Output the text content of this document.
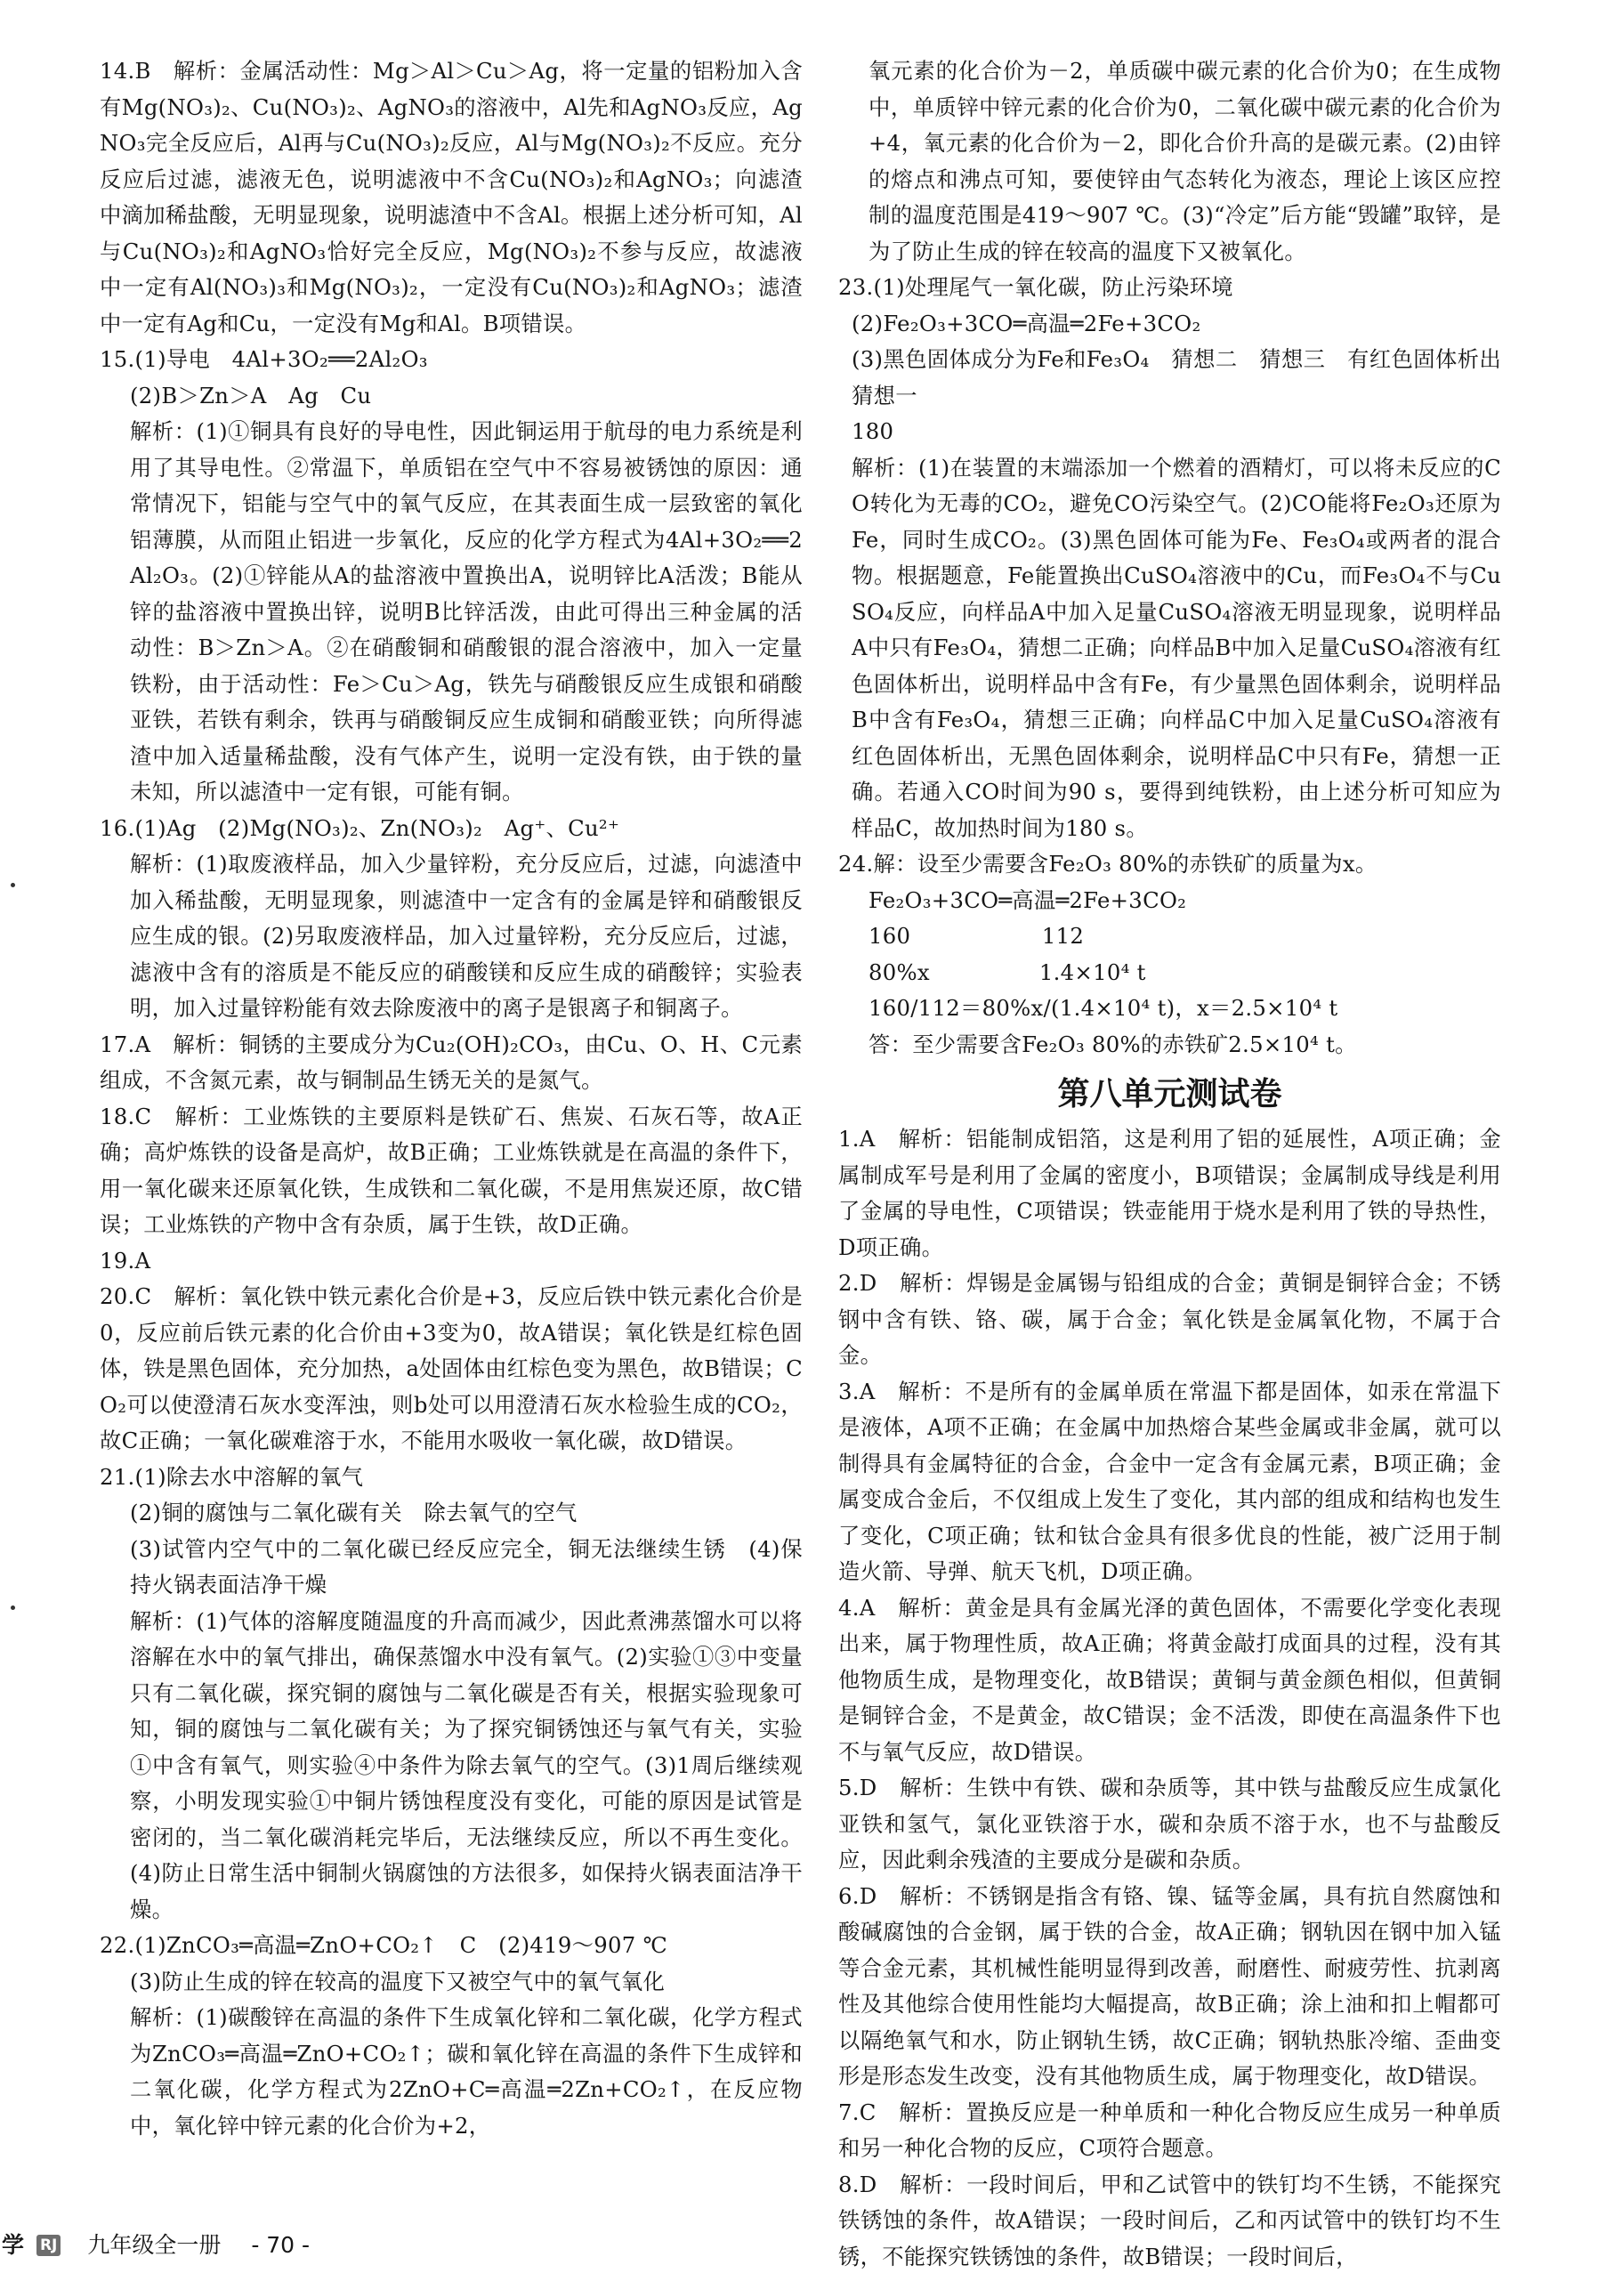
14.B　解析：金属活动性：Mg＞Al＞Cu＞Ag，将一定量的铝粉加入含有Mg(NO₃)₂、Cu(NO₃)₂、AgNO₃的溶液中，Al先和AgNO₃反应，AgNO₃完全反应后，Al再与Cu(NO₃)₂反应，Al与Mg(NO₃)₂不反应。充分反应后过滤，滤液无色，说明滤液中不含Cu(NO₃)₂和AgNO₃；向滤渣中滴加稀盐酸，无明显现象，说明滤渣中不含Al。根据上述分析可知，Al与Cu(NO₃)₂和AgNO₃恰好完全反应，Mg(NO₃)₂不参与反应，故滤液中一定有Al(NO₃)₃和Mg(NO₃)₂，一定没有Cu(NO₃)₂和AgNO₃；滤渣中一定有Ag和Cu，一定没有Mg和Al。B项错误。

15.(1)导电　4Al+3O₂══2Al₂O₃

(2)B＞Zn＞A　Ag　Cu

解析：(1)①铜具有良好的导电性，因此铜运用于航母的电力系统是利用了其导电性。②常温下，单质铝在空气中不容易被锈蚀的原因：通常情况下，铝能与空气中的氧气反应，在其表面生成一层致密的氧化铝薄膜，从而阻止铝进一步氧化，反应的化学方程式为4Al+3O₂══2Al₂O₃。(2)①锌能从A的盐溶液中置换出A，说明锌比A活泼；B能从锌的盐溶液中置换出锌，说明B比锌活泼，由此可得出三种金属的活动性：B＞Zn＞A。②在硝酸铜和硝酸银的混合溶液中，加入一定量铁粉，由于活动性：Fe＞Cu＞Ag，铁先与硝酸银反应生成银和硝酸亚铁，若铁有剩余，铁再与硝酸铜反应生成铜和硝酸亚铁；向所得滤渣中加入适量稀盐酸，没有气体产生，说明一定没有铁，由于铁的量未知，所以滤渣中一定有银，可能有铜。

16.(1)Ag　(2)Mg(NO₃)₂、Zn(NO₃)₂　Ag⁺、Cu²⁺

解析：(1)取废液样品，加入少量锌粉，充分反应后，过滤，向滤渣中加入稀盐酸，无明显现象，则滤渣中一定含有的金属是锌和硝酸银反应生成的银。(2)另取废液样品，加入过量锌粉，充分反应后，过滤，滤液中含有的溶质是不能反应的硝酸镁和反应生成的硝酸锌；实验表明，加入过量锌粉能有效去除废液中的离子是银离子和铜离子。

17.A　解析：铜锈的主要成分为Cu₂(OH)₂CO₃，由Cu、O、H、C元素组成，不含氮元素，故与铜制品生锈无关的是氮气。

18.C　解析：工业炼铁的主要原料是铁矿石、焦炭、石灰石等，故A正确；高炉炼铁的设备是高炉，故B正确；工业炼铁就是在高温的条件下，用一氧化碳来还原氧化铁，生成铁和二氧化碳，不是用焦炭还原，故C错误；工业炼铁的产物中含有杂质，属于生铁，故D正确。

19.A

20.C　解析：氧化铁中铁元素化合价是+3，反应后铁中铁元素化合价是0，反应前后铁元素的化合价由+3变为0，故A错误；氧化铁是红棕色固体，铁是黑色固体，充分加热，a处固体由红棕色变为黑色，故B错误；CO₂可以使澄清石灰水变浑浊，则b处可以用澄清石灰水检验生成的CO₂，故C正确；一氧化碳难溶于水，不能用水吸收一氧化碳，故D错误。

21.(1)除去水中溶解的氧气

(2)铜的腐蚀与二氧化碳有关　除去氧气的空气

(3)试管内空气中的二氧化碳已经反应完全，铜无法继续生锈　(4)保持火锅表面洁净干燥

解析：(1)气体的溶解度随温度的升高而减少，因此煮沸蒸馏水可以将溶解在水中的氧气排出，确保蒸馏水中没有氧气。(2)实验①③中变量只有二氧化碳，探究铜的腐蚀与二氧化碳是否有关，根据实验现象可知，铜的腐蚀与二氧化碳有关；为了探究铜锈蚀还与氧气有关，实验①中含有氧气，则实验④中条件为除去氧气的空气。(3)1周后继续观察，小明发现实验①中铜片锈蚀程度没有变化，可能的原因是试管是密闭的，当二氧化碳消耗完毕后，无法继续反应，所以不再生变化。(4)防止日常生活中铜制火锅腐蚀的方法很多，如保持火锅表面洁净干燥。

22.(1)ZnCO₃═高温═ZnO+CO₂↑　C　(2)419～907 ℃

(3)防止生成的锌在较高的温度下又被空气中的氧气氧化

解析：(1)碳酸锌在高温的条件下生成氧化锌和二氧化碳，化学方程式为ZnCO₃═高温═ZnO+CO₂↑；碳和氧化锌在高温的条件下生成锌和二氧化碳，化学方程式为2ZnO+C═高温═2Zn+CO₂↑，在反应物中，氧化锌中锌元素的化合价为+2，

氧元素的化合价为－2，单质碳中碳元素的化合价为0；在生成物中，单质锌中锌元素的化合价为0，二氧化碳中碳元素的化合价为+4，氧元素的化合价为－2，即化合价升高的是碳元素。(2)由锌的熔点和沸点可知，要使锌由气态转化为液态，理论上该区应控制的温度范围是419～907 ℃。(3)“冷定”后方能“毁罐”取锌，是为了防止生成的锌在较高的温度下又被氧化。

23.(1)处理尾气一氧化碳，防止污染环境

(2)Fe₂O₃+3CO═高温═2Fe+3CO₂

(3)黑色固体成分为Fe和Fe₃O₄　猜想二　猜想三　有红色固体析出　猜想一

180

解析：(1)在装置的末端添加一个燃着的酒精灯，可以将未反应的CO转化为无毒的CO₂，避免CO污染空气。(2)CO能将Fe₂O₃还原为Fe，同时生成CO₂。(3)黑色固体可能为Fe、Fe₃O₄或两者的混合物。根据题意，Fe能置换出CuSO₄溶液中的Cu，而Fe₃O₄不与CuSO₄反应，向样品A中加入足量CuSO₄溶液无明显现象，说明样品A中只有Fe₃O₄，猜想二正确；向样品B中加入足量CuSO₄溶液有红色固体析出，说明样品中含有Fe，有少量黑色固体剩余，说明样品B中含有Fe₃O₄，猜想三正确；向样品C中加入足量CuSO₄溶液有红色固体析出，无黑色固体剩余，说明样品C中只有Fe，猜想一正确。若通入CO时间为90 s，要得到纯铁粉，由上述分析可知应为样品C，故加热时间为180 s。

24.解：设至少需要含Fe₂O₃ 80%的赤铁矿的质量为x。

Fe₂O₃+3CO═高温═2Fe+3CO₂

160　　　　　　112

80%x　　　　　1.4×10⁴ t

160/112＝80%x/(1.4×10⁴ t)，x＝2.5×10⁴ t

答：至少需要含Fe₂O₃ 80%的赤铁矿2.5×10⁴ t。

第八单元测试卷

1.A　解析：铝能制成铝箔，这是利用了铝的延展性，A项正确；金属制成军号是利用了金属的密度小，B项错误；金属制成导线是利用了金属的导电性，C项错误；铁壶能用于烧水是利用了铁的导热性，D项正确。

2.D　解析：焊锡是金属锡与铅组成的合金；黄铜是铜锌合金；不锈钢中含有铁、铬、碳，属于合金；氧化铁是金属氧化物，不属于合金。

3.A　解析：不是所有的金属单质在常温下都是固体，如汞在常温下是液体，A项不正确；在金属中加热熔合某些金属或非金属，就可以制得具有金属特征的合金，合金中一定含有金属元素，B项正确；金属变成合金后，不仅组成上发生了变化，其内部的组成和结构也发生了变化，C项正确；钛和钛合金具有很多优良的性能，被广泛用于制造火箭、导弹、航天飞机，D项正确。

4.A　解析：黄金是具有金属光泽的黄色固体，不需要化学变化表现出来，属于物理性质，故A正确；将黄金敲打成面具的过程，没有其他物质生成，是物理变化，故B错误；黄铜与黄金颜色相似，但黄铜是铜锌合金，不是黄金，故C错误；金不活泼，即使在高温条件下也不与氧气反应，故D错误。

5.D　解析：生铁中有铁、碳和杂质等，其中铁与盐酸反应生成氯化亚铁和氢气，氯化亚铁溶于水，碳和杂质不溶于水，也不与盐酸反应，因此剩余残渣的主要成分是碳和杂质。

6.D　解析：不锈钢是指含有铬、镍、锰等金属，具有抗自然腐蚀和酸碱腐蚀的合金钢，属于铁的合金，故A正确；钢轨因在钢中加入锰等合金元素，其机械性能明显得到改善，耐磨性、耐疲劳性、抗剥离性及其他综合使用性能均大幅提高，故B正确；涂上油和扣上帽都可以隔绝氧气和水，防止钢轨生锈，故C正确；钢轨热胀冷缩、歪曲变形是形态发生改变，没有其他物质生成，属于物理变化，故D错误。

7.C　解析：置换反应是一种单质和一种化合物反应生成另一种单质和另一种化合物的反应，C项符合题意。

8.D　解析：一段时间后，甲和乙试管中的铁钉均不生锈，不能探究铁锈蚀的条件，故A错误；一段时间后，乙和丙试管中的铁钉均不生锈，不能探究铁锈蚀的条件，故B错误；一段时间后，

学 RJ 九年级全一册 - 70 -
